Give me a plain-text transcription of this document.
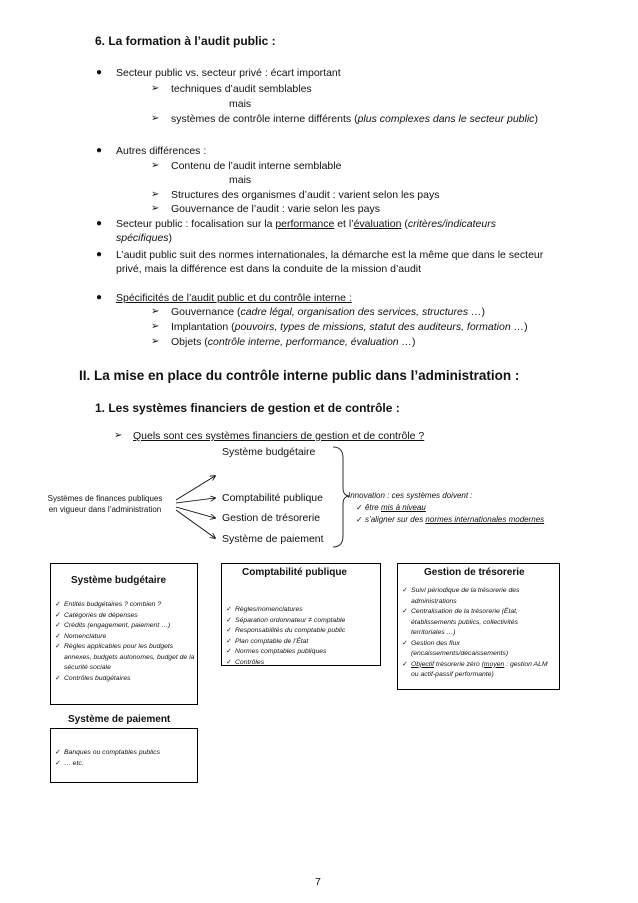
6. La formation à l’audit public :
● Secteur public vs. secteur privé : écart important
➢ techniques d’audit semblables
mais
➢ systèmes de contrôle interne différents (plus complexes dans le secteur public)
● Autres différences :
➢ Contenu de l’audit interne semblable
mais
➢ Structures des organismes d’audit : varient selon les pays
➢ Gouvernance de l’audit : varie selon les pays
● Secteur public : focalisation sur la performance et l’évaluation (critères/indicateurs
spécifiques)
● L’audit public suit des normes internationales, la démarche est la même que dans le secteur
privé, mais la différence est dans la conduite de la mission d’audit
● Spécificités de l’audit public et du contrôle interne :
➢ Gouvernance (cadre légal, organisation des services, structures …)
➢ Implantation (pouvoirs, types de missions, statut des auditeurs, formation …)
➢ Objets (contrôle interne, performance, évaluation …)
II. La mise en place du contrôle interne public dans l’administration :
1. Les systèmes financiers de gestion et de contrôle :
➢ Quels sont ces systèmes financiers de gestion et de contrôle ?
Systèmes de finances publiques
en vigueur dans l’administration
Système budgétaire
Comptabilité publique
Gestion de trésorerie
Système de paiement
Innovation : ces systèmes doivent :
✓ être mis à niveau
✓ s’aligner sur des normes internationales modernes
Système budgétaire
✓ Entités budgétaires ? combien ?
✓ Catégories de dépenses
✓ Crédits (engagement, paiement …)
✓ Nomenclature
✓ Règles applicables pour les budgets annexes, budgets autonomes, budget de la sécurité sociale
✓ Contrôles budgétaires
Comptabilité publique
✓ Règles/nomenclatures
✓ Séparation ordonnateur ≠ comptable
✓ Responsabilités du comptable public
✓ Plan comptable de l’État
✓ Normes comptables publiques
✓ Contrôles
Gestion de trésorerie
✓ Suivi périodique de la trésorerie des administrations
✓ Centralisation de la trésorerie (État, établissements publics, collectivités territoriales …)
✓ Gestion des flux (encaissements/décaissements)
✓ Objectif trésorerie zéro (moyen : gestion ALM ou actif-passif performante)
Système de paiement
✓ Banques ou comptables publics
✓ … etc.
7
